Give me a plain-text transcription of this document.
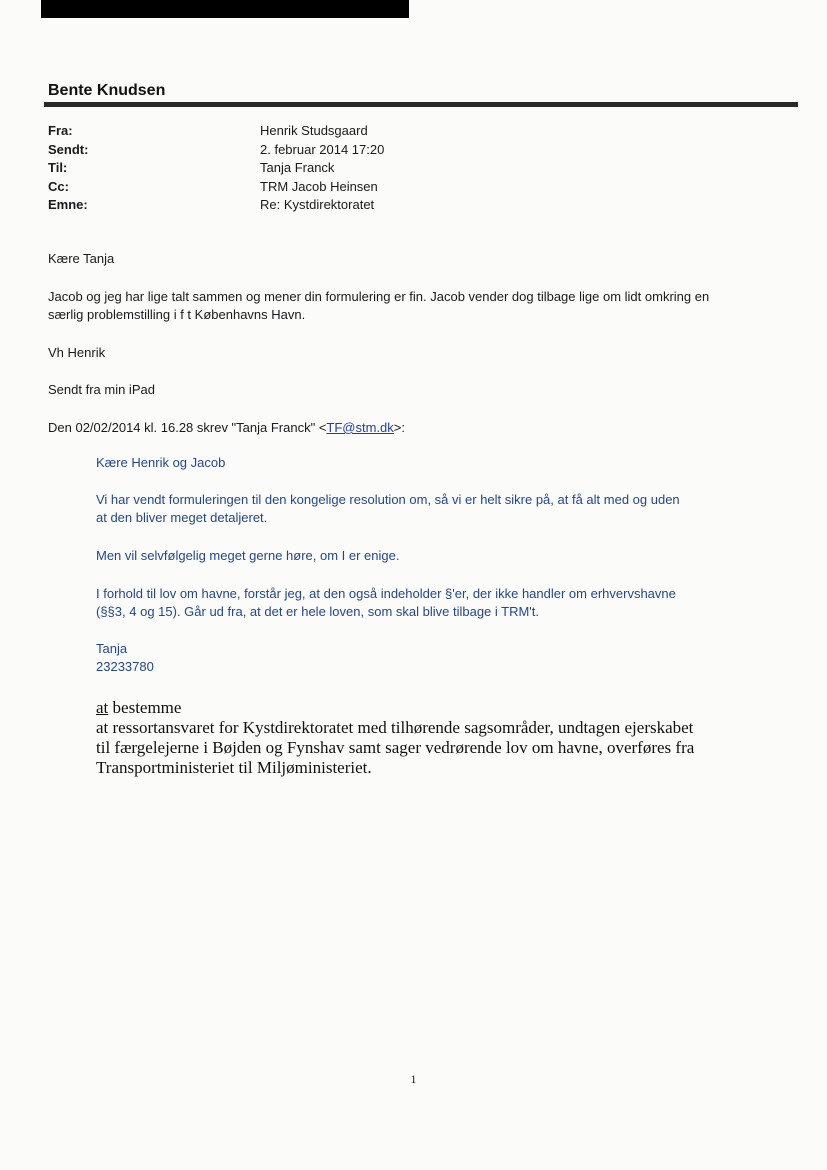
Bente Knudsen
Fra:
Sendt:
Til:
Cc:
Emne:
Henrik Studsgaard
2. februar 2014 17:20
Tanja Franck
TRM Jacob Heinsen
Re: Kystdirektoratet
Kære Tanja
Jacob og jeg har lige talt sammen og mener din formulering er fin. Jacob vender dog tilbage lige om lidt omkring en
særlig problemstilling i f t Københavns Havn.
Vh Henrik
Sendt fra min iPad
Den 02/02/2014 kl. 16.28 skrev "Tanja Franck" <TF@stm.dk>:
Kære Henrik og Jacob
Vi har vendt formuleringen til den kongelige resolution om, så vi er helt sikre på, at få alt med og uden
at den bliver meget detaljeret.
Men vil selvfølgelig meget gerne høre, om I er enige.
I forhold til lov om havne, forstår jeg, at den også indeholder §'er, der ikke handler om erhvervshavne
(§§3, 4 og 15). Går ud fra, at det er hele loven, som skal blive tilbage i TRM't.
Tanja
23233780
at bestemme
at ressortansvaret for Kystdirektoratet med tilhørende sagsområder, undtagen ejerskabet
til færgelejerne i Bøjden og Fynshav samt sager vedrørende lov om havne, overføres fra
Transportministeriet til Miljøministeriet.
1
